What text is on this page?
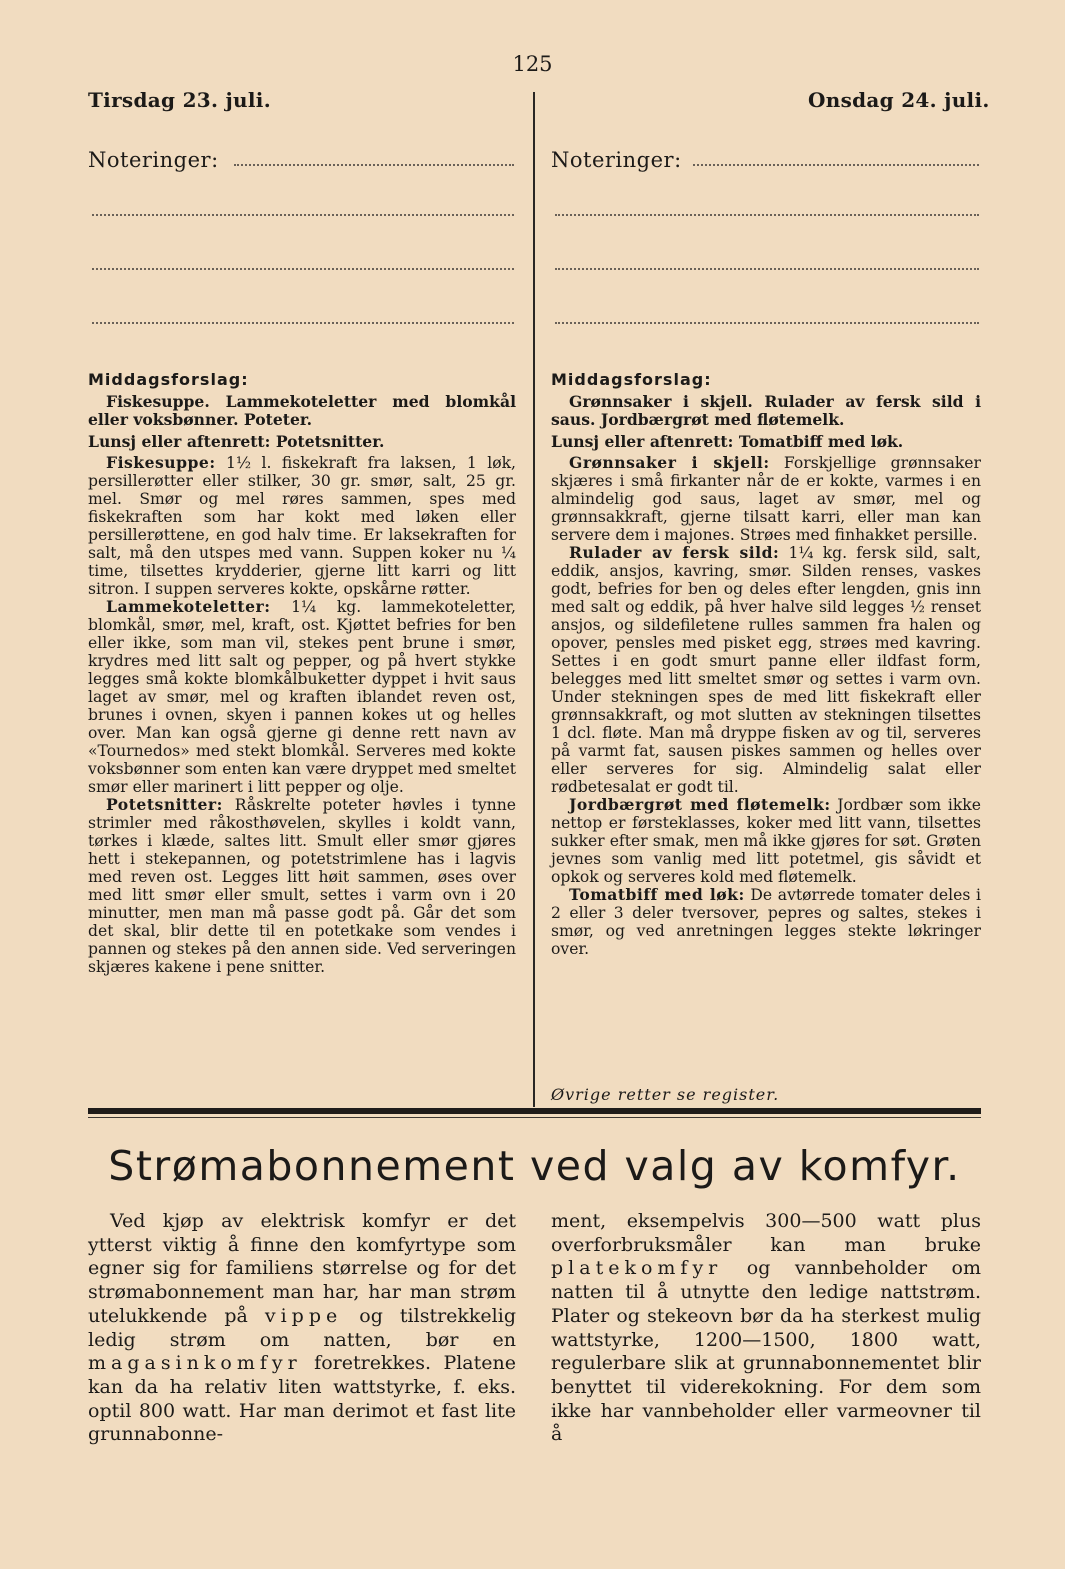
125
Tirsdag 23. juli.	Onsdag 24. juli.
Noteringer:
Middagsforslag:

Fiskesuppe. Lammekoteletter med blomkål eller voksbønner. Poteter.

Lunsj eller aftenrett: Potetsnitter.

Fiskesuppe: 1½ l. fiskekraft fra laksen, 1 løk, persillerøtter eller stilker, 30 gr. smør, salt, 25 gr. mel. Smør og mel røres sammen, spes med fiskekraften som har kokt med løken eller persillerøttene, en god halv time. Er laksekraften for salt, må den utspes med vann. Suppen koker nu ¼ time, tilsettes krydderier, gjerne litt karri og litt sitron. I suppen serveres kokte, opskårne røtter.

Lammekoteletter: 1¼ kg. lammekoteletter, blomkål, smør, mel, kraft, ost. Kjøttet befries for ben eller ikke, som man vil, stekes pent brune i smør, krydres med litt salt og pepper, og på hvert stykke legges små kokte blomkålbuketter dyppet i hvit saus laget av smør, mel og kraften iblandet reven ost, brunes i ovnen, skyen i pannen kokes ut og helles over. Man kan også gjerne gi denne rett navn av «Tournedos» med stekt blomkål. Serveres med kokte voksbønner som enten kan være dryppet med smeltet smør eller marinert i litt pepper og olje.

Potetsnitter: Råskrelte poteter høvles i tynne strimler med råkosthøvelen, skylles i koldt vann, tørkes i klæde, saltes litt. Smult eller smør gjøres hett i stekepannen, og potetstrimlene has i lagvis med reven ost. Legges litt høit sammen, øses over med litt smør eller smult, settes i varm ovn i 20 minutter, men man må passe godt på. Går det som det skal, blir dette til en potetkake som vendes i pannen og stekes på den annen side. Ved serveringen skjæres kakene i pene snitter.

Noteringer:
Middagsforslag:

Grønnsaker i skjell. Rulader av fersk sild i saus. Jordbærgrøt med fløtemelk.

Lunsj eller aftenrett: Tomatbiff med løk.

Grønnsaker i skjell: Forskjellige grønnsaker skjæres i små firkanter når de er kokte, varmes i en almindelig god saus, laget av smør, mel og grønnsakkraft, gjerne tilsatt karri, eller man kan servere dem i majones. Strøes med finhakket persille.

Rulader av fersk sild: 1¼ kg. fersk sild, salt, eddik, ansjos, kavring, smør. Silden renses, vaskes godt, befries for ben og deles efter lengden, gnis inn med salt og eddik, på hver halve sild legges ½ renset ansjos, og sildefiletene rulles sammen fra halen og opover, pensles med pisket egg, strøes med kavring. Settes i en godt smurt panne eller ildfast form, belegges med litt smeltet smør og settes i varm ovn. Under stekningen spes de med litt fiskekraft eller grønnsakkraft, og mot slutten av stekningen tilsettes 1 dcl. fløte. Man må dryppe fisken av og til, serveres på varmt fat, sausen piskes sammen og helles over eller serveres for sig. Almindelig salat eller rødbetesalat er godt til.

Jordbærgrøt med fløtemelk: Jordbær som ikke nettop er førsteklasses, koker med litt vann, tilsettes sukker efter smak, men må ikke gjøres for søt. Grøten jevnes som vanlig med litt potetmel, gis såvidt et opkok og serveres kold med fløtemelk.

Tomatbiff med løk: De avtørrede tomater deles i 2 eller 3 deler tversover, pepres og saltes, stekes i smør, og ved anretningen legges stekte løkringer over.

Øvrige retter se register.
Strømabonnement ved valg av komfyr.

Ved kjøp av elektrisk komfyr er det ytterst viktig å finne den komfyrtype som egner sig for familiens størrelse og for det strømabonnement man har, har man strøm utelukkende på vippe og tilstrekkelig ledig strøm om natten, bør en magasinkomfyr foretrekkes. Platene kan da ha relativ liten wattstyrke, f. eks. optil 800 watt. Har man derimot et fast lite grunnabonne-

ment, eksempelvis 300—500 watt plus overforbruksmåler kan man bruke platekomfyr og vannbeholder om natten til å utnytte den ledige nattstrøm. Plater og stekeovn bør da ha sterkest mulig wattstyrke, 1200—1500, 1800 watt, regulerbare slik at grunnabonnementet blir benyttet til viderekokning. For dem som ikke har vannbeholder eller varmeovner til å
